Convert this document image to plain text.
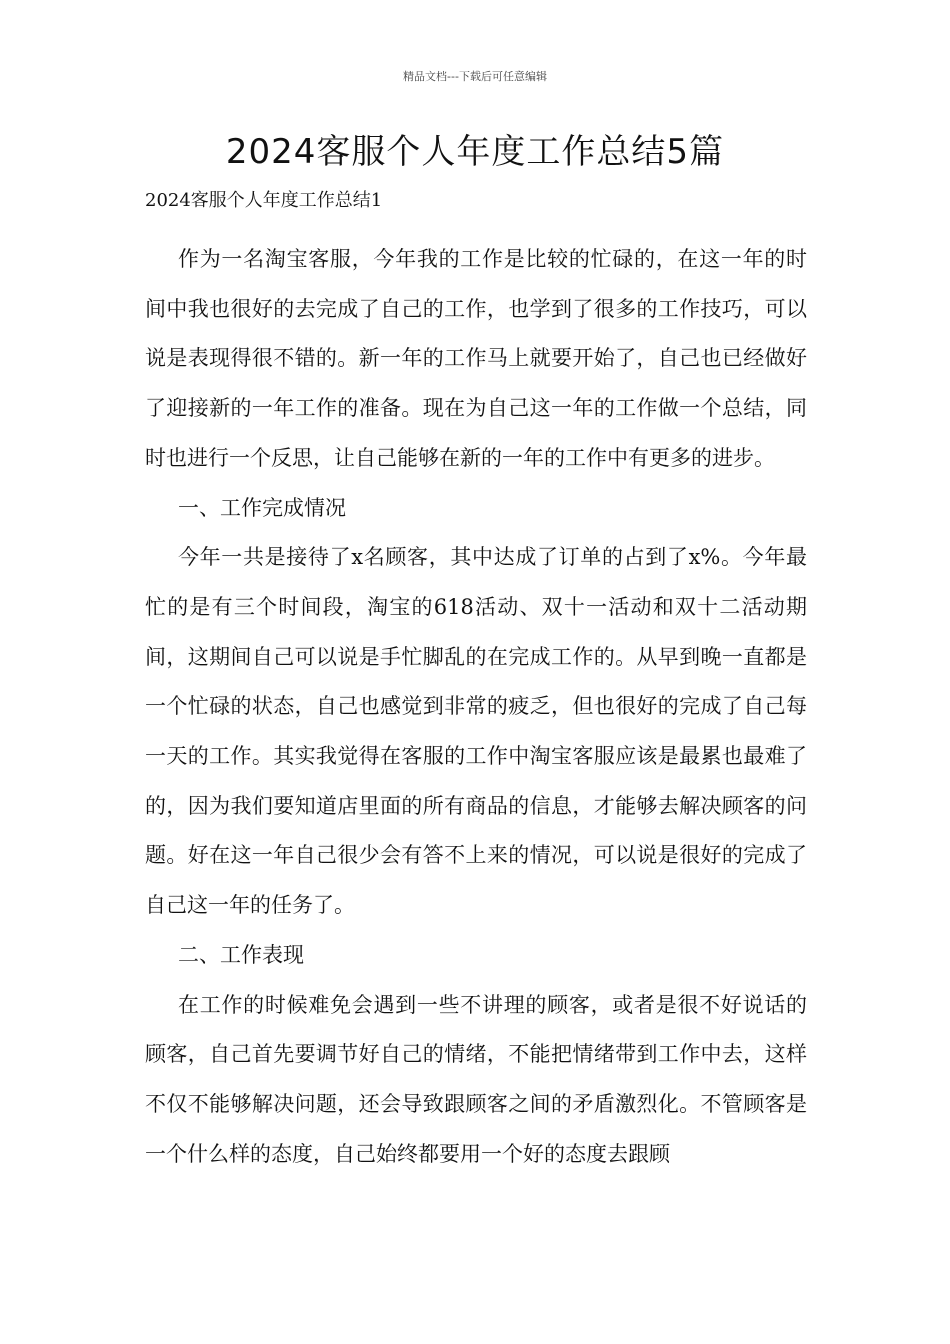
精品文档---下载后可任意编辑
2024客服个人年度工作总结5篇

2024客服个人年度工作总结1

作为一名淘宝客服，今年我的工作是比较的忙碌的，在这一年的时间中我也很好的去完成了自己的工作，也学到了很多的工作技巧，可以说是表现得很不错的。新一年的工作马上就要开始了，自己也已经做好了迎接新的一年工作的准备。现在为自己这一年的工作做一个总结，同时也进行一个反思，让自己能够在新的一年的工作中有更多的进步。

一、工作完成情况

今年一共是接待了x名顾客，其中达成了订单的占到了x%。今年最忙的是有三个时间段，淘宝的618活动、双十一活动和双十二活动期间，这期间自己可以说是手忙脚乱的在完成工作的。从早到晚一直都是一个忙碌的状态，自己也感觉到非常的疲乏，但也很好的完成了自己每一天的工作。其实我觉得在客服的工作中淘宝客服应该是最累也最难了的，因为我们要知道店里面的所有商品的信息，才能够去解决顾客的问题。好在这一年自己很少会有答不上来的情况，可以说是很好的完成了自己这一年的任务了。

二、工作表现

在工作的时候难免会遇到一些不讲理的顾客，或者是很不好说话的顾客，自己首先要调节好自己的情绪，不能把情绪带到工作中去，这样不仅不能够解决问题，还会导致跟顾客之间的矛盾激烈化。不管顾客是一个什么样的态度，自己始终都要用一个好的态度去跟顾
